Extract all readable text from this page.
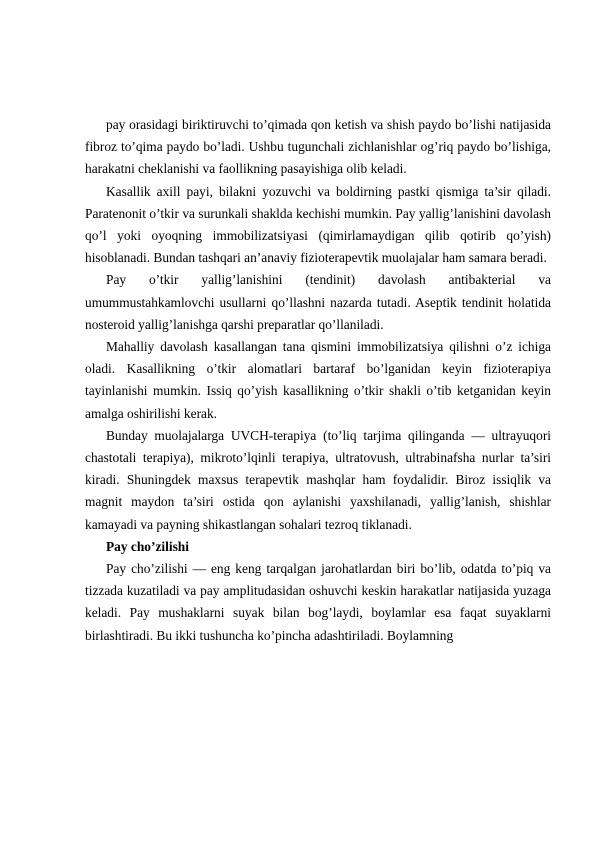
pay orasidagi biriktiruvchi to’qimada qon ketish va shish paydo bo’lishi natijasida fibroz to’qima paydo bo’ladi. Ushbu tugunchali zichlanishlar og’riq paydo bo’lishiga, harakatni cheklanishi va faollikning pasayishiga olib keladi.

Kasallik axill payi, bilakni yozuvchi va boldirning pastki qismiga ta’sir qiladi. Paratenonit o’tkir va surunkali shaklda kechishi mumkin. Pay yallig’lanishini davolash qo’l yoki oyoqning immobilizatsiyasi (qimirlamaydigan qilib qotirib qo’yish) hisoblanadi. Bundan tashqari an’anaviy fizioterapevtik muolajalar ham samara beradi.

Pay o’tkir yallig’lanishini (tendinit) davolash antibakterial va umummustahkamlovchi usullarni qo’llashni nazarda tutadi. Aseptik tendinit holatida nosteroid yallig’lanishga qarshi preparatlar qo’llaniladi.

Mahalliy davolash kasallangan tana qismini immobilizatsiya qilishni o’z ichiga oladi. Kasallikning o’tkir alomatlari bartaraf bo’lganidan keyin fizioterapiya tayinlanishi mumkin. Issiq qo’yish kasallikning o’tkir shakli o’tib ketganidan keyin amalga oshirilishi kerak.

Bunday muolajalarga UVCH-terapiya (to’liq tarjima qilinganda — ultrayuqori chastotali terapiya), mikroto’lqinli terapiya, ultratovush, ultrabinafsha nurlar ta’siri kiradi. Shuningdek maxsus terapevtik mashqlar ham foydalidir. Biroz issiqlik va magnit maydon ta’siri ostida qon aylanishi yaxshilanadi, yallig’lanish, shishlar kamayadi va payning shikastlangan sohalari tezroq tiklanadi.

Pay cho’zilishi

Pay cho’zilishi — eng keng tarqalgan jarohatlardan biri bo’lib, odatda to’piq va tizzada kuzatiladi va pay amplitudasidan oshuvchi keskin harakatlar natijasida yuzaga keladi. Pay mushaklarni suyak bilan bog’laydi, boylamlar esa faqat suyaklarni birlashtiradi. Bu ikki tushuncha ko’pincha adashtiriladi. Boylamning
